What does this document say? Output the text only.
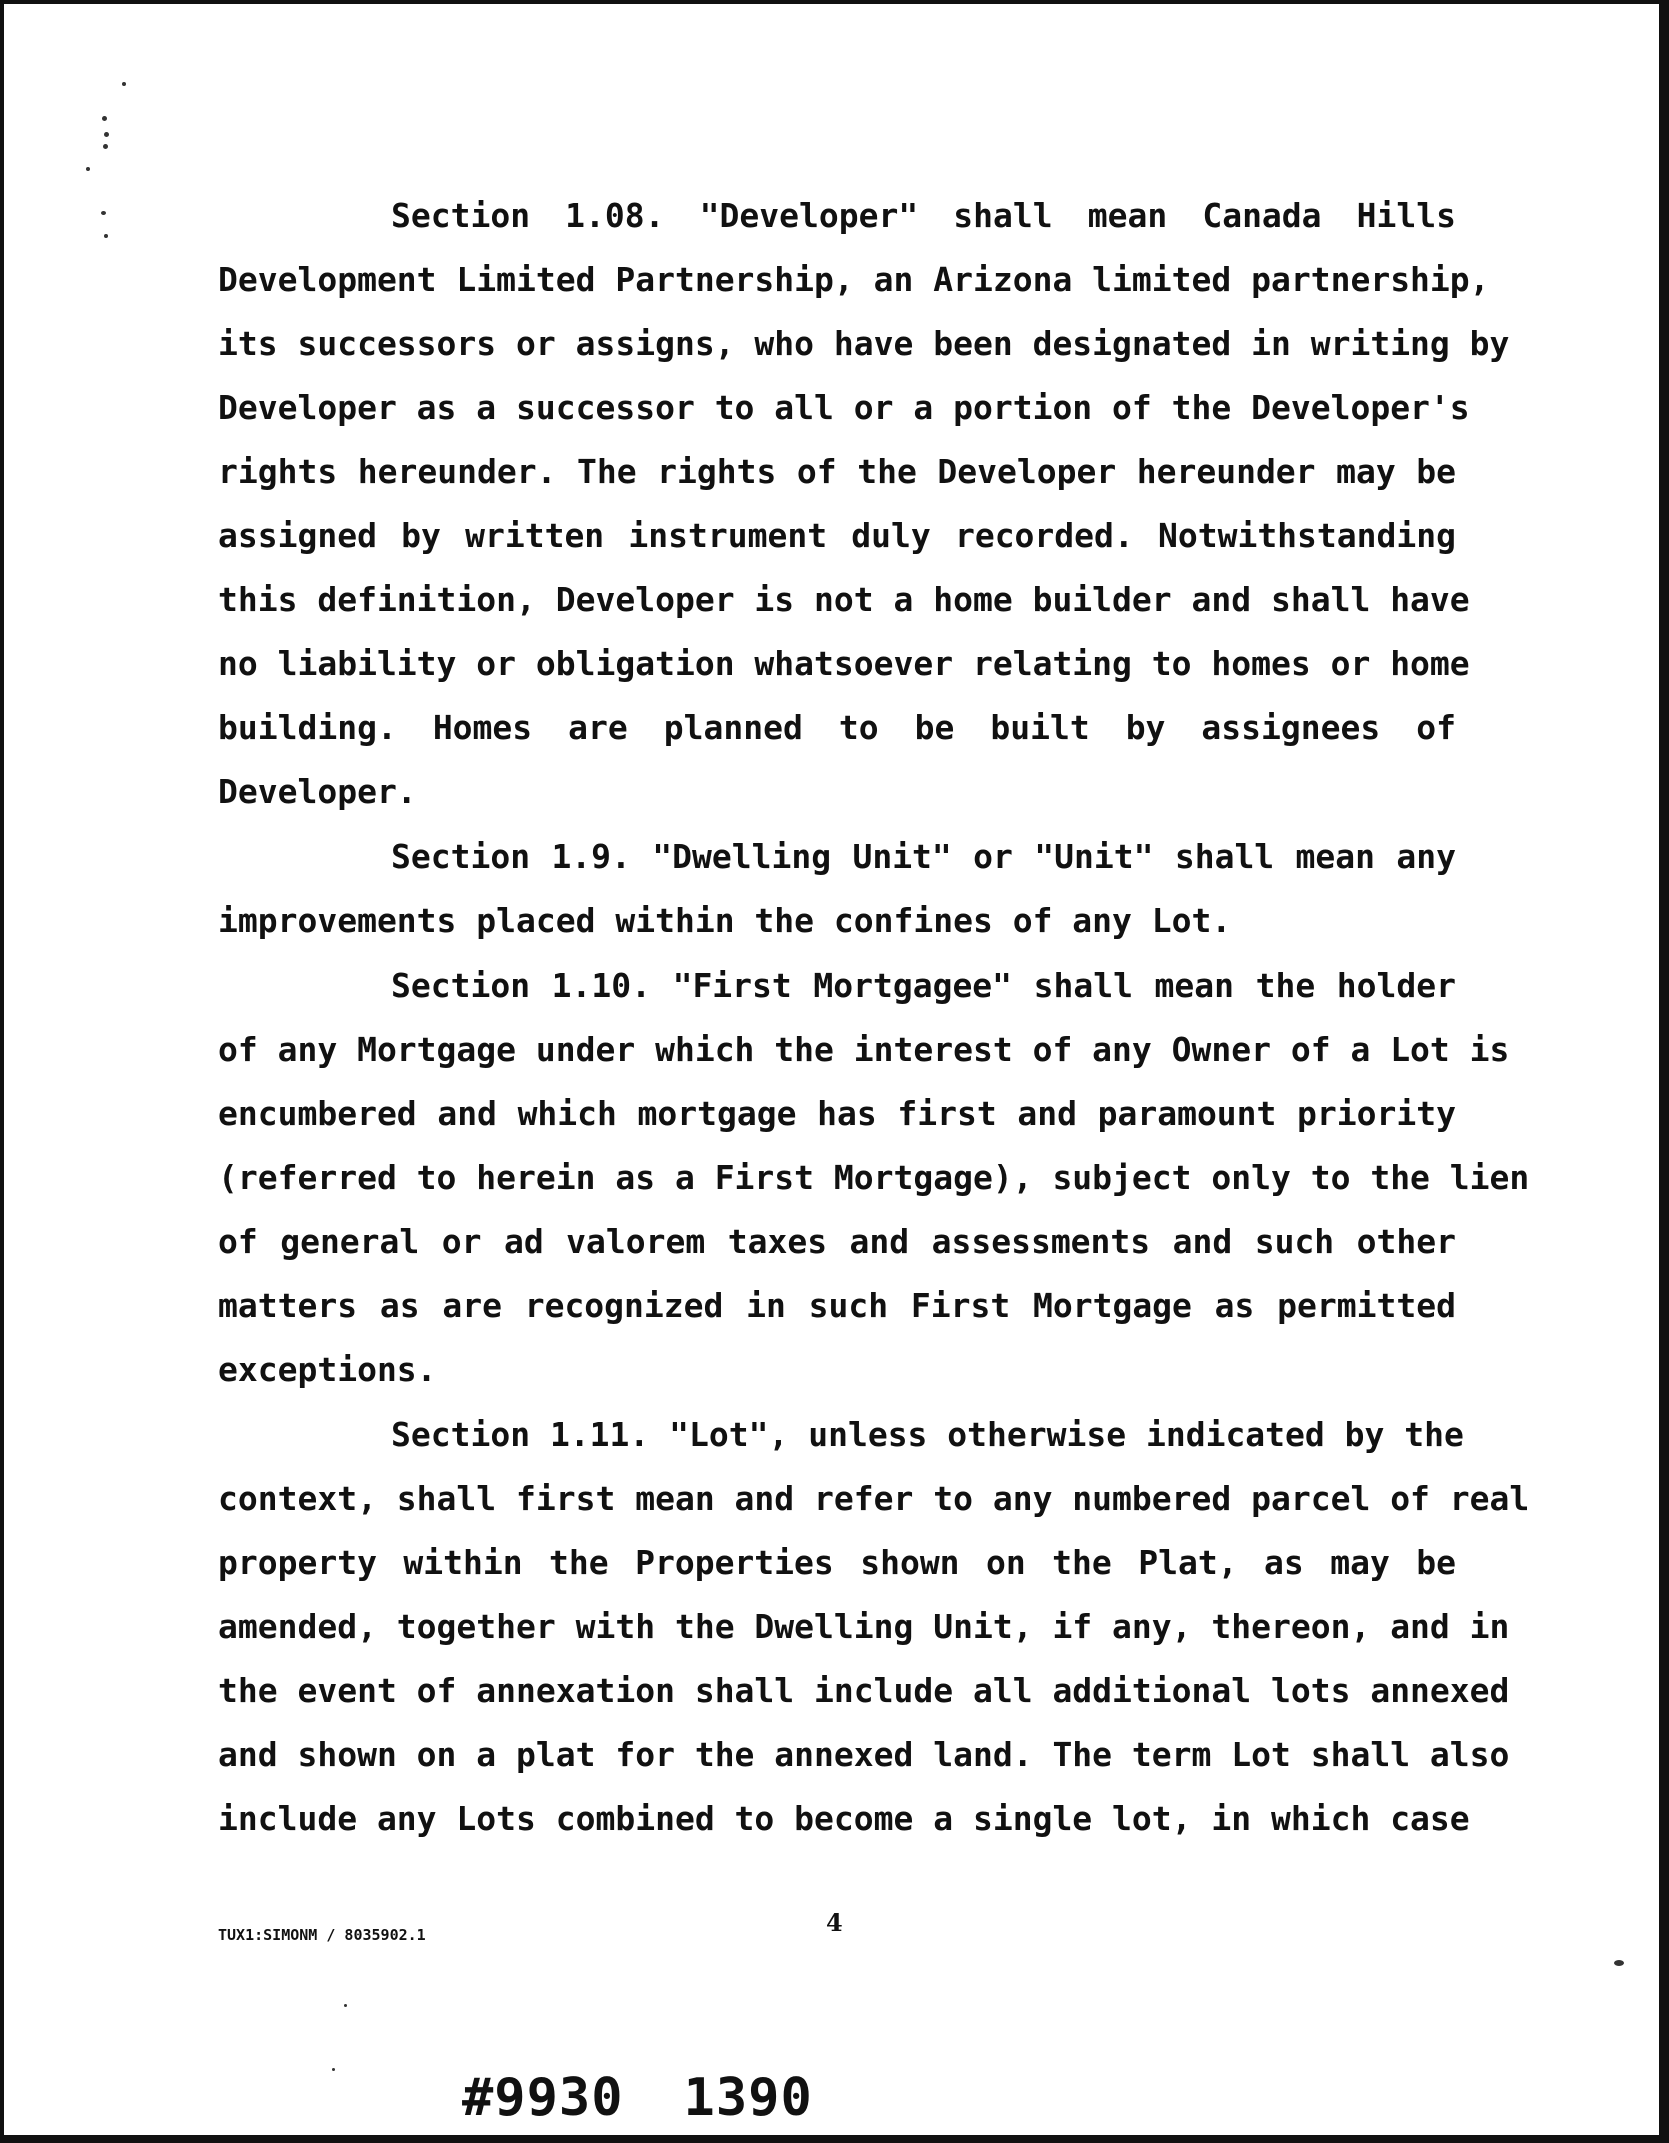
Section 1.08. "Developer" shall mean Canada Hills
Development Limited Partnership, an Arizona limited partnership,
its successors or assigns, who have been designated in writing by
Developer as a successor to all or a portion of the Developer's
rights hereunder. The rights of the Developer hereunder may be
assigned by written instrument duly recorded. Notwithstanding
this definition, Developer is not a home builder and shall have
no liability or obligation whatsoever relating to homes or home
building. Homes are planned to be built by assignees of
Developer.
Section 1.9. "Dwelling Unit" or "Unit" shall mean any
improvements placed within the confines of any Lot.
Section 1.10. "First Mortgagee" shall mean the holder
of any Mortgage under which the interest of any Owner of a Lot is
encumbered and which mortgage has first and paramount priority
(referred to herein as a First Mortgage), subject only to the lien
of general or ad valorem taxes and assessments and such other
matters as are recognized in such First Mortgage as permitted
exceptions.
Section 1.11. "Lot", unless otherwise indicated by the
context, shall first mean and refer to any numbered parcel of real
property within the Properties shown on the Plat, as may be
amended, together with the Dwelling Unit, if any, thereon, and in
the event of annexation shall include all additional lots annexed
and shown on a plat for the annexed land. The term Lot shall also
include any Lots combined to become a single lot, in which case
TUX1:SIMONM / 8035902.1	4
#9930 1390
